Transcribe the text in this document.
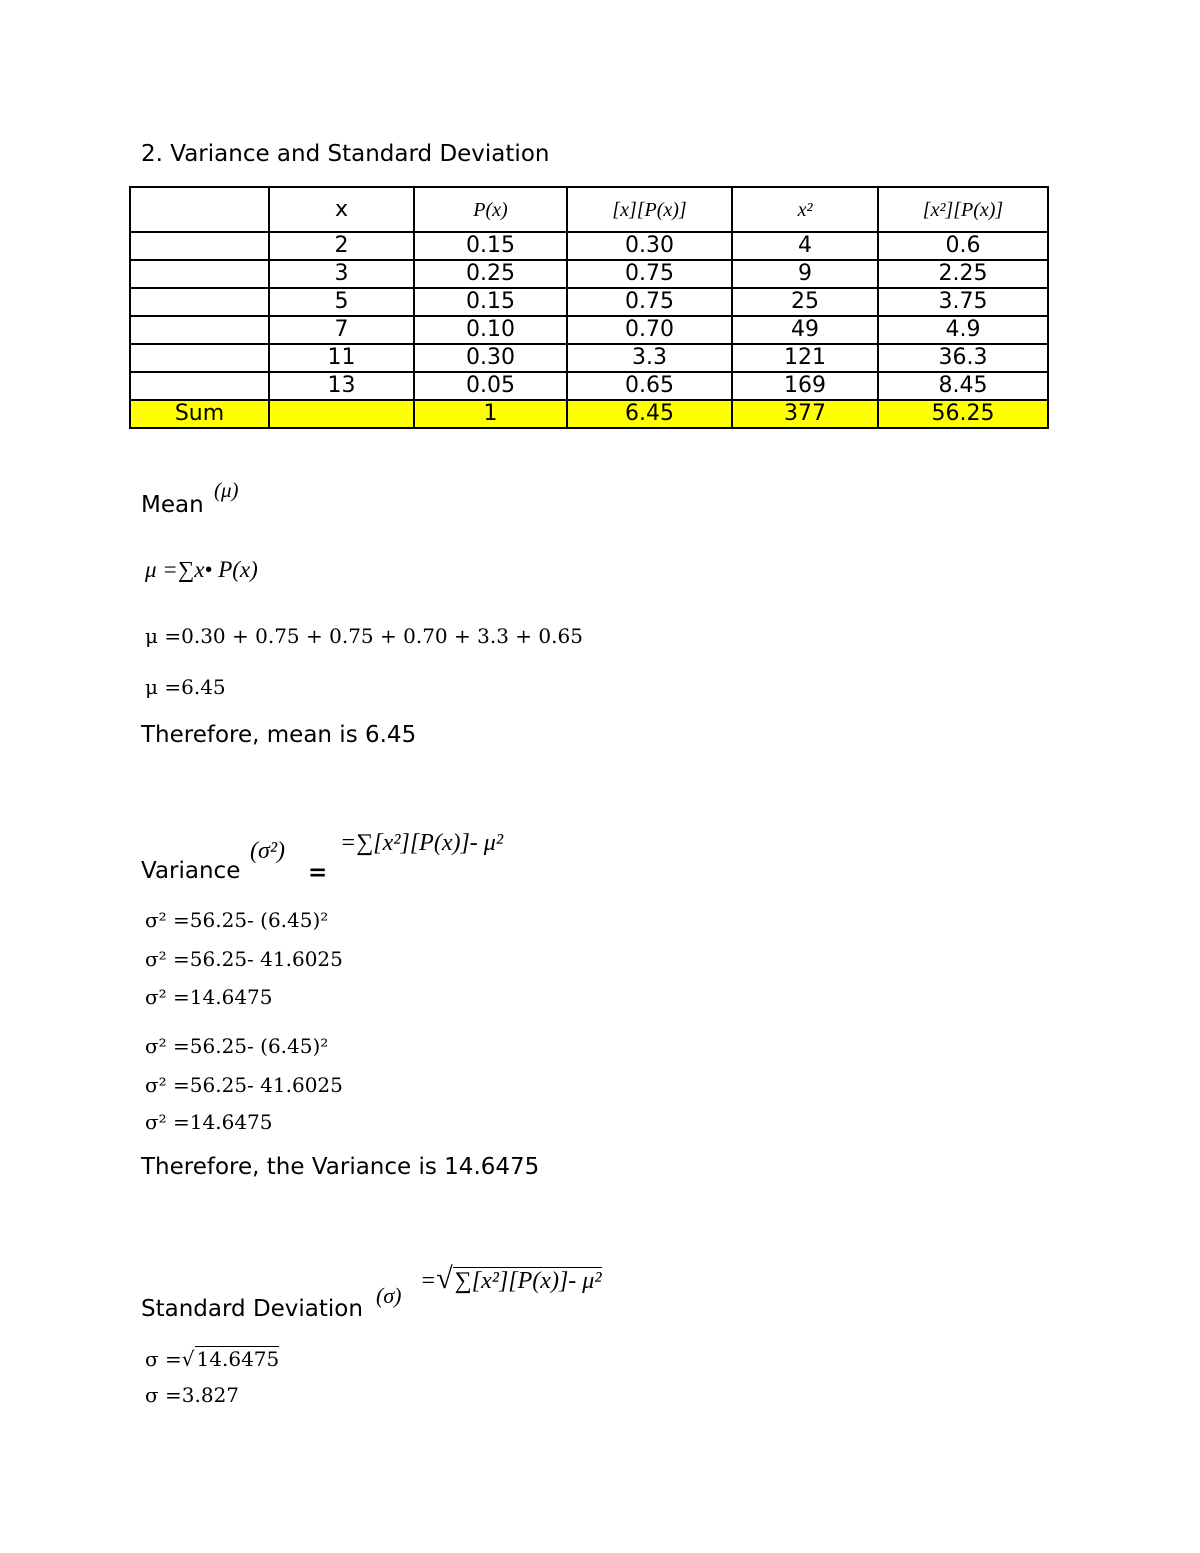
2. Variance and Standard Deviation
	x	P(x)	[x][P(x)]	x²	[x²][P(x)]
	2	0.15	0.30	4	0.6
	3	0.25	0.75	9	2.25
	5	0.15	0.75	25	3.75
	7	0.10	0.70	49	4.9
	11	0.30	3.3	121	36.3
	13	0.05	0.65	169	8.45
Sum		1	6.45	377	56.25
Mean
(μ)
μ =∑x• P(x)
μ =0.30 + 0.75 + 0.75 + 0.70 + 3.3 + 0.65
μ =6.45
Therefore, mean is 6.45
Variance
(σ²)
=
=∑[x²][P(x)]- μ²
σ² =56.25- (6.45)²
σ² =56.25- 41.6025
σ² =14.6475
σ² =56.25- (6.45)²
σ² =56.25- 41.6025
σ² =14.6475
Therefore, the Variance is 14.6475
Standard Deviation
(σ)
=√∑[x²][P(x)]- μ²
σ =√ 14.6475
σ =3.827
